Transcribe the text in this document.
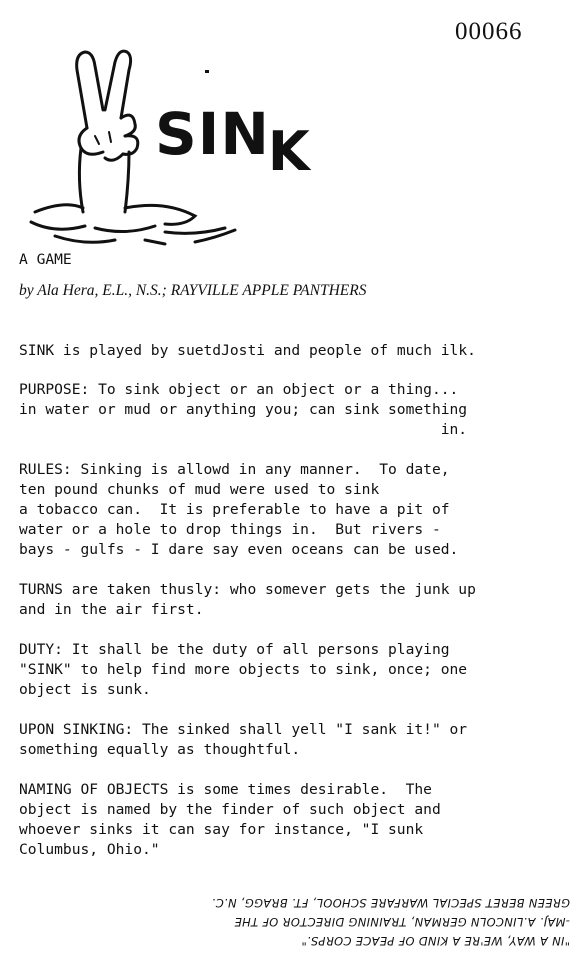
00066
SINK
A GAME
by Ala Hera, E.L., N.S.; RAYVILLE APPLE PANTHERS
SINK is played by suetdJosti and people of much ilk.
PURPOSE: To sink object or an object or a thing...
in water or mud or anything you; can sink something
in.
RULES: Sinking is allowd in any manner.  To date,
ten pound chunks of mud were used to sink
a tobacco can.  It is preferable to have a pit of
water or a hole to drop things in.  But rivers -
bays - gulfs - I dare say even oceans can be used.
TURNS are taken thusly: who somever gets the junk up
and in the air first.
DUTY: It shall be the duty of all persons playing
"SINK" to help find more objects to sink, once; one
object is sunk.
UPON SINKING: The sinked shall yell "I sank it!" or
something equally as thoughtful.
NAMING OF OBJECTS is some times desirable.  The
object is named by the finder of such object and
whoever sinks it can say for instance, "I sunk
Columbus, Ohio."
"IN A WAY, WE'RE A KIND OF PEACE CORPS."
-MAJ. A.LINCOLN GERMAN, TRAINING DIRECTOR OF THE
GREEN BERET SPECIAL WARFARE SCHOOL, FT. BRAGG, N.C.
